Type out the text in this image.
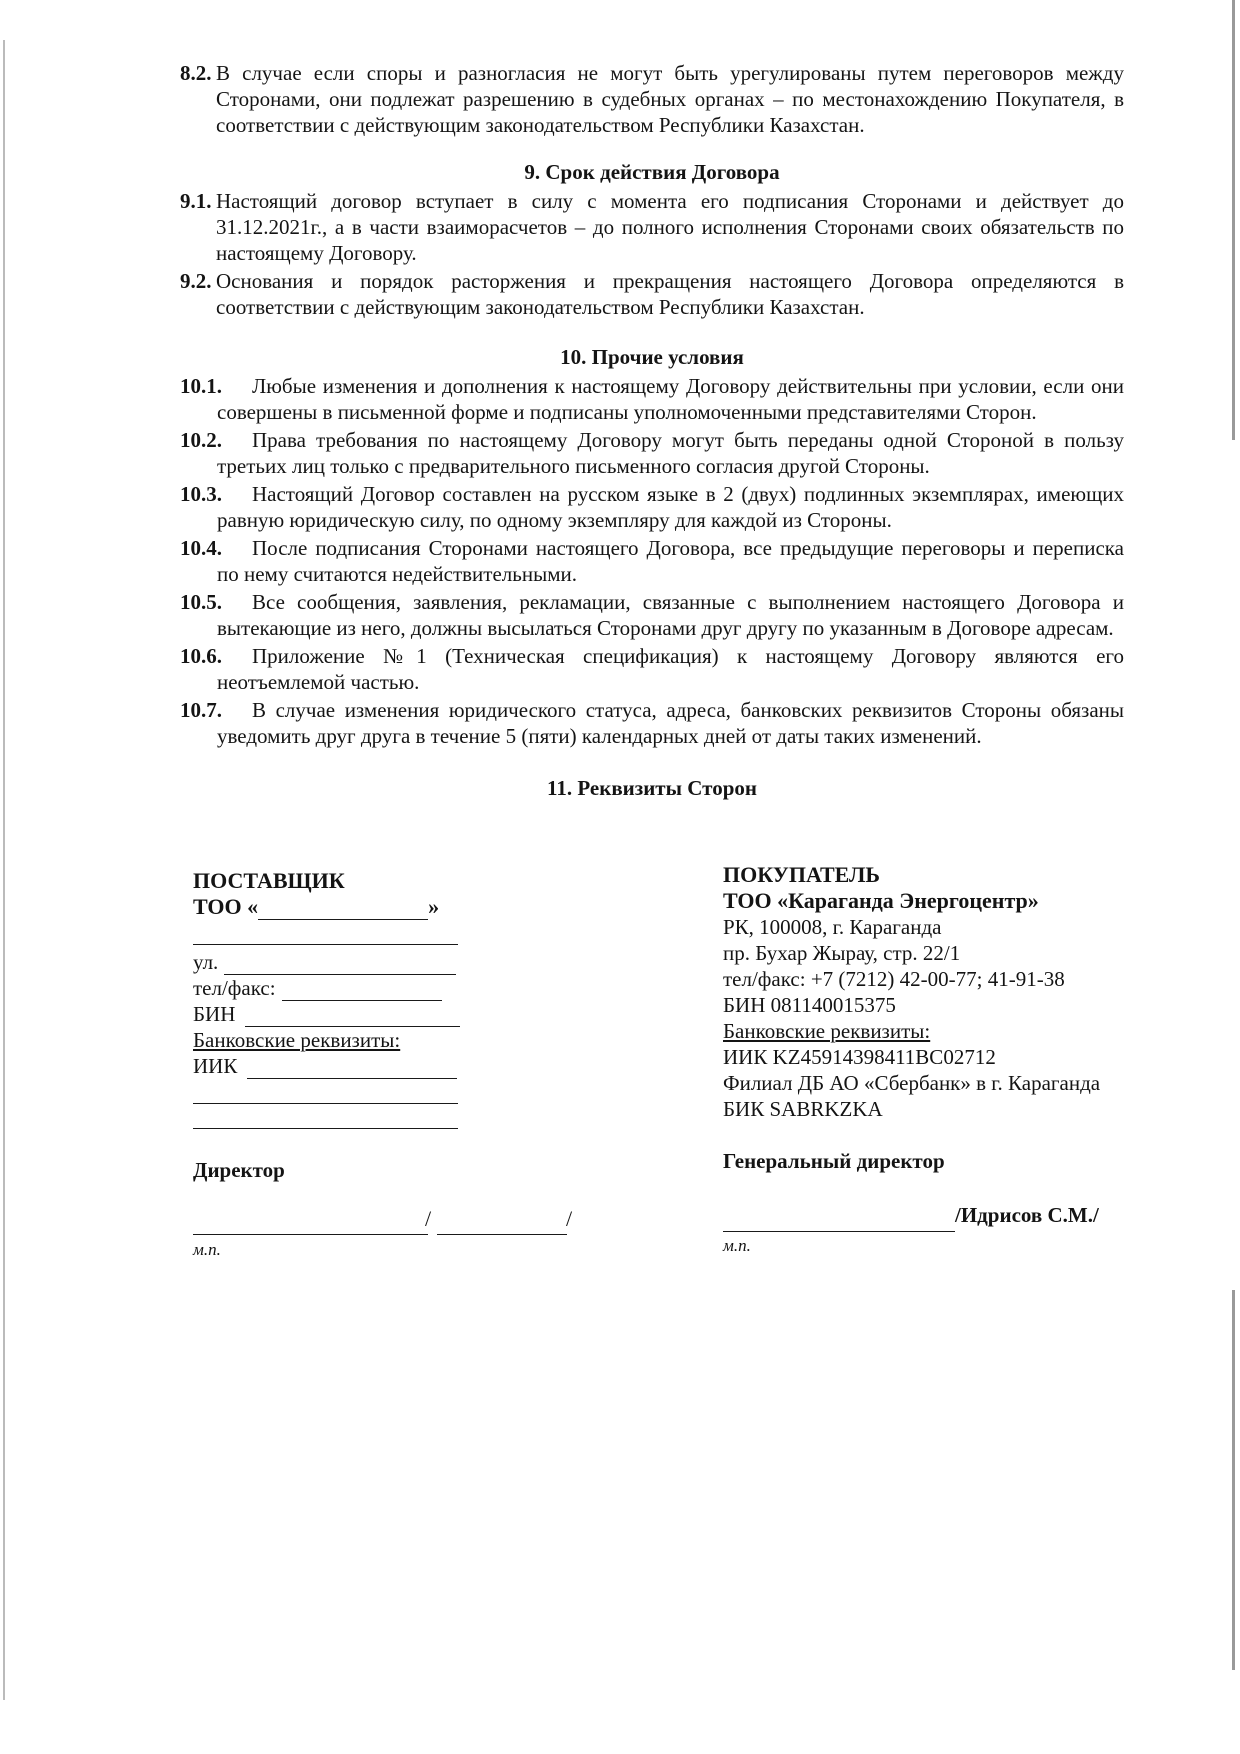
8.2. В случае если споры и разногласия не могут быть урегулированы путем переговоров между Сторонами, они подлежат разрешению в судебных органах – по местонахождению Покупателя, в соответствии с действующим законодательством Республики Казахстан.

9. Срок действия Договора

9.1. Настоящий договор вступает в силу с момента его подписания Сторонами и действует до 31.12.2021г., а в части взаиморасчетов – до полного исполнения Сторонами своих обязательств по настоящему Договору.
9.2. Основания и порядок расторжения и прекращения настоящего Договора определяются в соответствии с действующим законодательством Республики Казахстан.

10. Прочие условия

10.1. Любые изменения и дополнения к настоящему Договору действительны при условии, если они совершены в письменной форме и подписаны уполномоченными представителями Сторон.
10.2. Права требования по настоящему Договору могут быть переданы одной Стороной в пользу третьих лиц только с предварительного письменного согласия другой Стороны.
10.3. Настоящий Договор составлен на русском языке в 2 (двух) подлинных экземплярах, имеющих равную юридическую силу, по одному экземпляру для каждой из Стороны.
10.4. После подписания Сторонами настоящего Договора, все предыдущие переговоры и переписка по нему считаются недействительными.
10.5. Все сообщения, заявления, рекламации, связанные с выполнением настоящего Договора и вытекающие из него, должны высылаться Сторонами друг другу по указанным в Договоре адресам.
10.6. Приложение №1 (Техническая спецификация) к настоящему Договору являются его неотъемлемой частью.
10.7. В случае изменения юридического статуса, адреса, банковских реквизитов Стороны обязаны уведомить друг друга в течение 5 (пяти) календарных дней от даты таких изменений.

11. Реквизиты Сторон

ПОСТАВЩИК
ТОО «	»
ул.
тел/факс:
БИН
Банковские реквизиты:
ИИК
Директор
/	/
м.п.
ПОКУПАТЕЛЬ
ТОО «Караганда Энергоцентр»
РК, 100008, г. Караганда
пр. Бухар Жырау, стр. 22/1
тел/факс: +7 (7212) 42-00-77; 41-91-38
БИН 081140015375
Банковские реквизиты:
ИИК KZ45914398411BC02712
Филиал ДБ АО «Сбербанк» в г. Караганда
БИК SABRKZKA
Генеральный директор
/Идрисов С.М./
м.п.
